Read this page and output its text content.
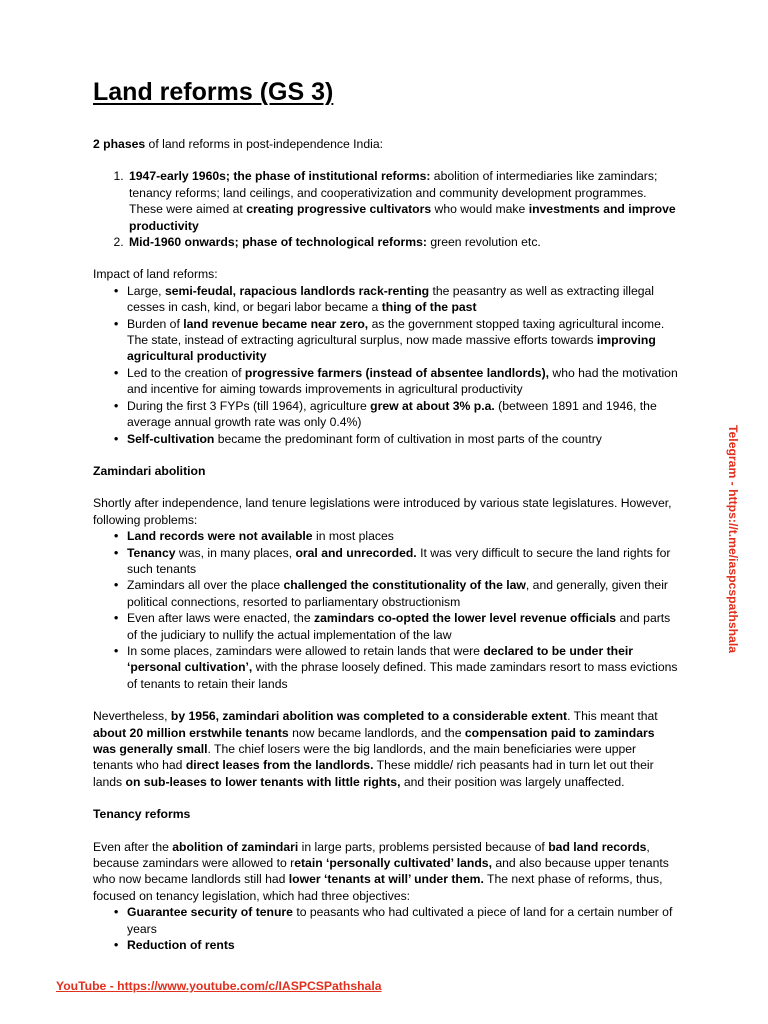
Land reforms (GS 3)

2 phases of land reforms in post-independence India:

1. 1947-early 1960s; the phase of institutional reforms: abolition of intermediaries like zamindars; tenancy reforms; land ceilings, and cooperativization and community development programmes. These were aimed at creating progressive cultivators who would make investments and improve productivity
2. Mid-1960 onwards; phase of technological reforms: green revolution etc.

Impact of land reforms:

• Large, semi-feudal, rapacious landlords rack-renting the peasantry as well as extracting illegal cesses in cash, kind, or begari labor became a thing of the past
• Burden of land revenue became near zero, as the government stopped taxing agricultural income. The state, instead of extracting agricultural surplus, now made massive efforts towards improving agricultural productivity
• Led to the creation of progressive farmers (instead of absentee landlords), who had the motivation and incentive for aiming towards improvements in agricultural productivity
• During the first 3 FYPs (till 1964), agriculture grew at about 3% p.a. (between 1891 and 1946, the average annual growth rate was only 0.4%)
• Self-cultivation became the predominant form of cultivation in most parts of the country

Zamindari abolition

Shortly after independence, land tenure legislations were introduced by various state legislatures. However, following problems:

• Land records were not available in most places
• Tenancy was, in many places, oral and unrecorded. It was very difficult to secure the land rights for such tenants
• Zamindars all over the place challenged the constitutionality of the law, and generally, given their political connections, resorted to parliamentary obstructionism
• Even after laws were enacted, the zamindars co-opted the lower level revenue officials and parts of the judiciary to nullify the actual implementation of the law
• In some places, zamindars were allowed to retain lands that were declared to be under their ‘personal cultivation’, with the phrase loosely defined. This made zamindars resort to mass evictions of tenants to retain their lands

Nevertheless, by 1956, zamindari abolition was completed to a considerable extent. This meant that about 20 million erstwhile tenants now became landlords, and the compensation paid to zamindars was generally small. The chief losers were the big landlords, and the main beneficiaries were upper tenants who had direct leases from the landlords. These middle/ rich peasants had in turn let out their lands on sub-leases to lower tenants with little rights, and their position was largely unaffected.

Tenancy reforms

Even after the abolition of zamindari in large parts, problems persisted because of bad land records, because zamindars were allowed to retain ‘personally cultivated’ lands, and also because upper tenants who now became landlords still had lower ‘tenants at will’ under them. The next phase of reforms, thus, focused on tenancy legislation, which had three objectives:

• Guarantee security of tenure to peasants who had cultivated a piece of land for a certain number of years
• Reduction of rents
Telegram - https://t.me/iaspcspathshala
YouTube - https://www.youtube.com/c/IASPCSPathshala
